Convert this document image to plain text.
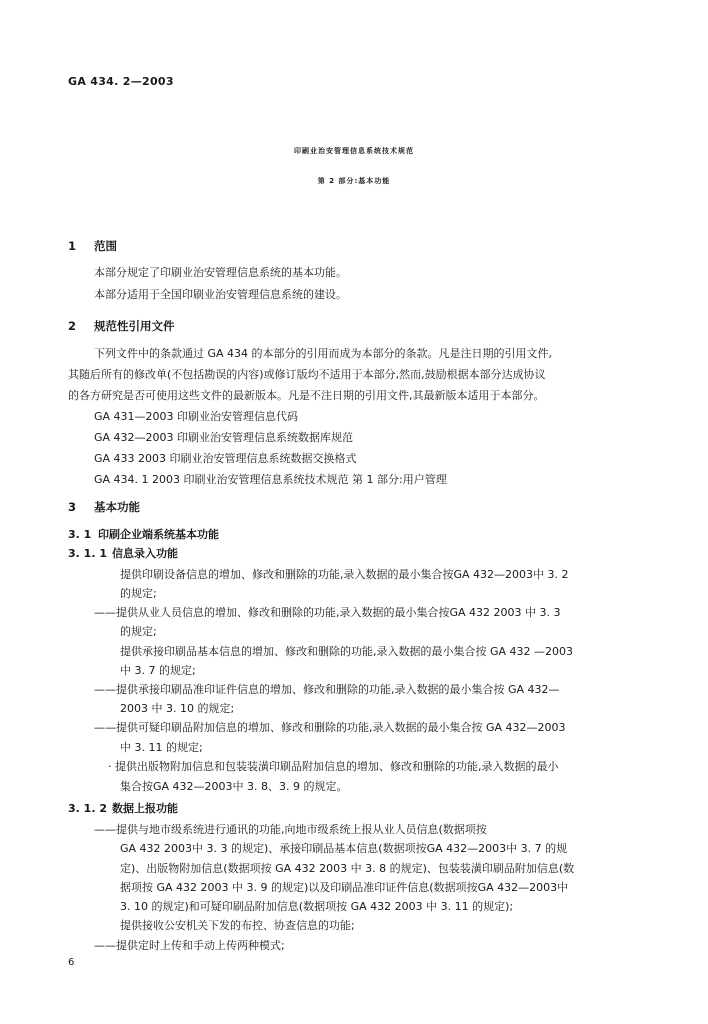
GA 434. 2—2003
印刷业治安管理信息系统技术规范
第 2 部分:基本功能
1 范围
本部分规定了印刷业治安管理信息系统的基本功能。
本部分适用于全国印刷业治安管理信息系统的建设。
2 规范性引用文件
下列文件中的条款通过 GA 434 的本部分的引用而成为本部分的条款。凡是注日期的引用文件,
其随后所有的修改单(不包括勘误的内容)或修订版均不适用于本部分,然而,鼓励根据本部分达成协议
的各方研究是否可使用这些文件的最新版本。凡是不注日期的引用文件,其最新版本适用于本部分。
GA 431—2003 印刷业治安管理信息代码
GA 432—2003 印刷业治安管理信息系统数据库规范
GA 433 2003 印刷业治安管理信息系统数据交换格式
GA 434. 1 2003 印刷业治安管理信息系统技术规范 第 1 部分:用户管理
3 基本功能
3. 1 印刷企业端系统基本功能
3. 1. 1 信息录入功能
提供印刷设备信息的增加、修改和删除的功能,录入数据的最小集合按GA 432—2003中 3. 2
的规定;
——提供从业人员信息的增加、修改和删除的功能,录入数据的最小集合按GA 432 2003 中 3. 3
的规定;
提供承接印刷品基本信息的增加、修改和删除的功能,录入数据的最小集合按 GA 432 —2003
中 3. 7 的规定;
——提供承接印刷品准印证件信息的增加、修改和删除的功能,录入数据的最小集合按 GA 432—
2003 中 3. 10 的规定;
——提供可疑印刷品附加信息的增加、修改和删除的功能,录入数据的最小集合按 GA 432—2003
中 3. 11 的规定;
· 提供出版物附加信息和包装装潢印刷品附加信息的增加、修改和删除的功能,录入数据的最小
集合按GA 432—2003中 3. 8、3. 9 的规定。
3. 1. 2 数据上报功能
——提供与地市级系统进行通讯的功能,向地市级系统上报从业人员信息(数据项按
GA 432 2003中 3. 3 的规定)、承接印刷品基本信息(数据项按GA 432—2003中 3. 7 的规
定)、出版物附加信息(数据项按 GA 432 2003 中 3. 8 的规定)、包装装潢印刷品附加信息(数
据项按 GA 432 2003 中 3. 9 的规定)以及印刷品准印证件信息(数据项按GA 432—2003中
3. 10 的规定)和可疑印刷品附加信息(数据项按 GA 432 2003 中 3. 11 的规定);
提供接收公安机关下发的布控、协查信息的功能;
——提供定时上传和手动上传两种模式;
6
